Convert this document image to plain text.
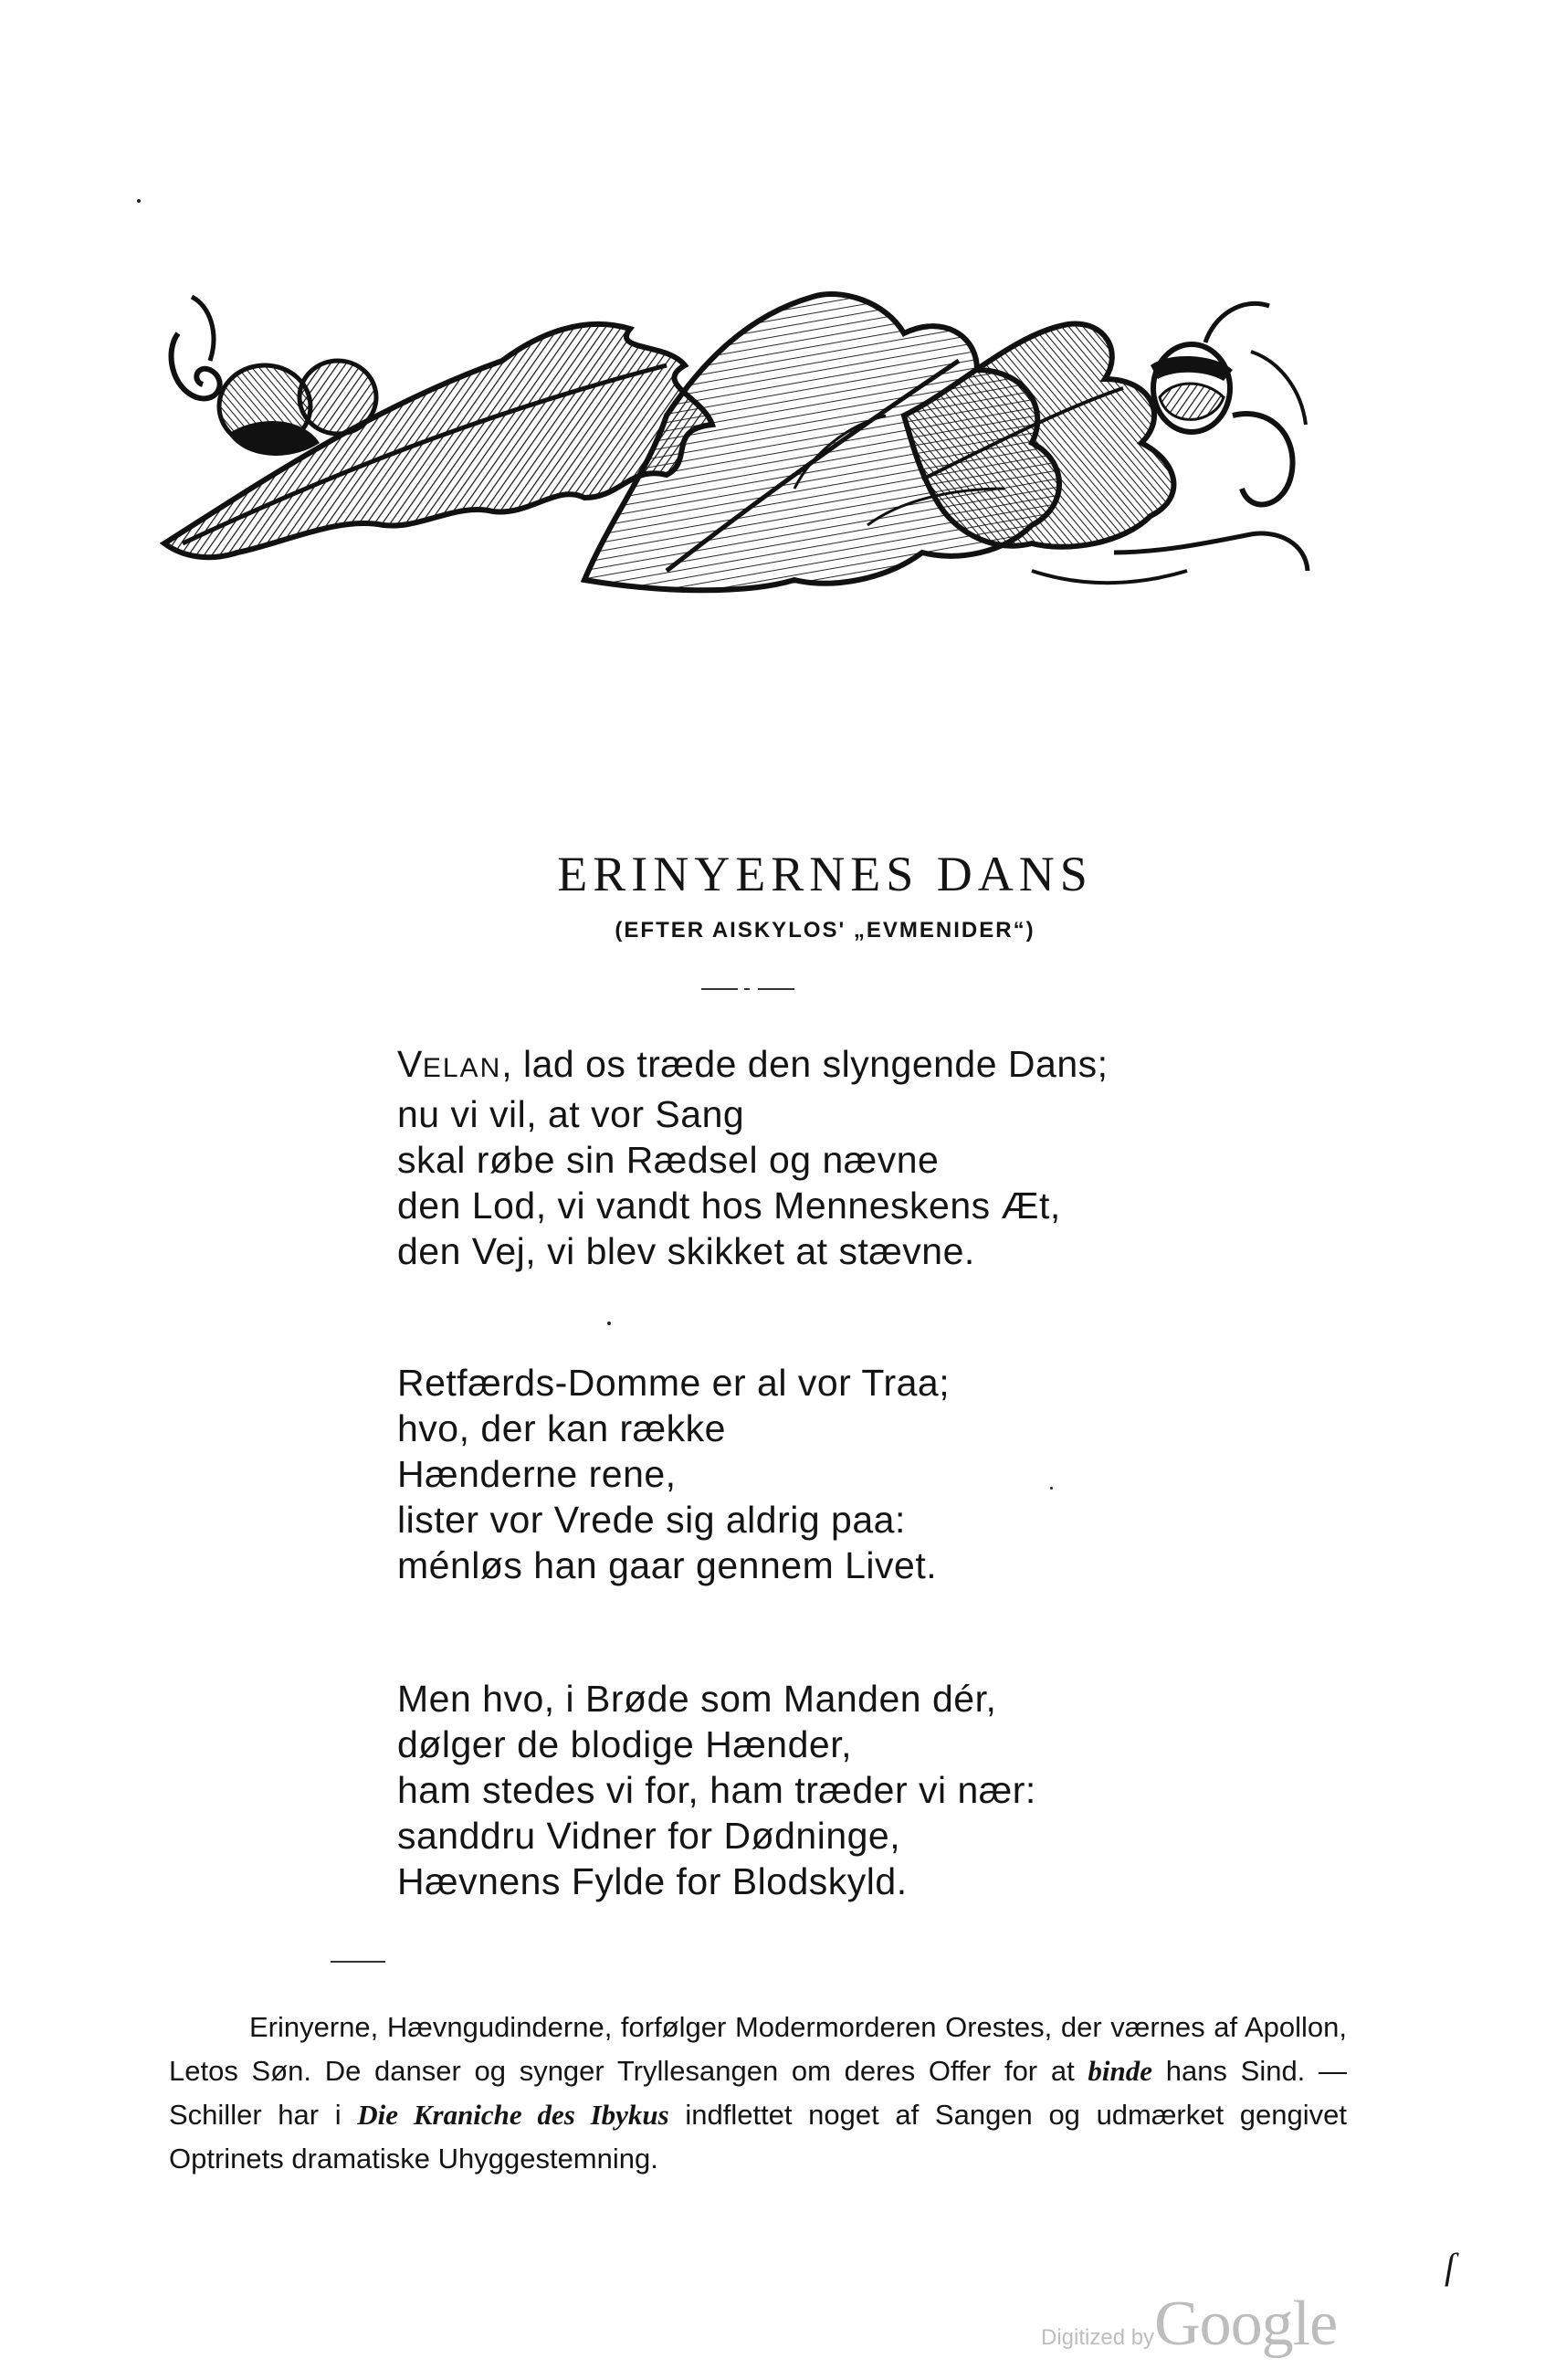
ERINYERNES DANS
(EFTER AISKYLOS' „EVMENIDER“)
VELAN, lad os træde den slyngende Dans;
nu vi vil, at vor Sang
skal røbe sin Rædsel og nævne
den Lod, vi vandt hos Menneskens Æt,
den Vej, vi blev skikket at stævne.
Retfærds-Domme er al vor Traa;
hvo, der kan række
Hænderne rene,
lister vor Vrede sig aldrig paa:
ménløs han gaar gennem Livet.
Men hvo, i Brøde som Manden dér,
dølger de blodige Hænder,
ham stedes vi for, ham træder vi nær:
sanddru Vidner for Dødninge,
Hævnens Fylde for Blodskyld.
Erinyerne, Hævngudinderne, forfølger Modermorderen Orestes, der værnes af Apollon, Letos Søn. De danser og synger Tryllesangen om deres Offer for at binde hans Sind. — Schiller har i Die Kraniche des Ibykus indflettet noget af Sangen og udmærket gengivet Optrinets dramatiske Uhyggestemning.
ſ
Digitized byGoogle
